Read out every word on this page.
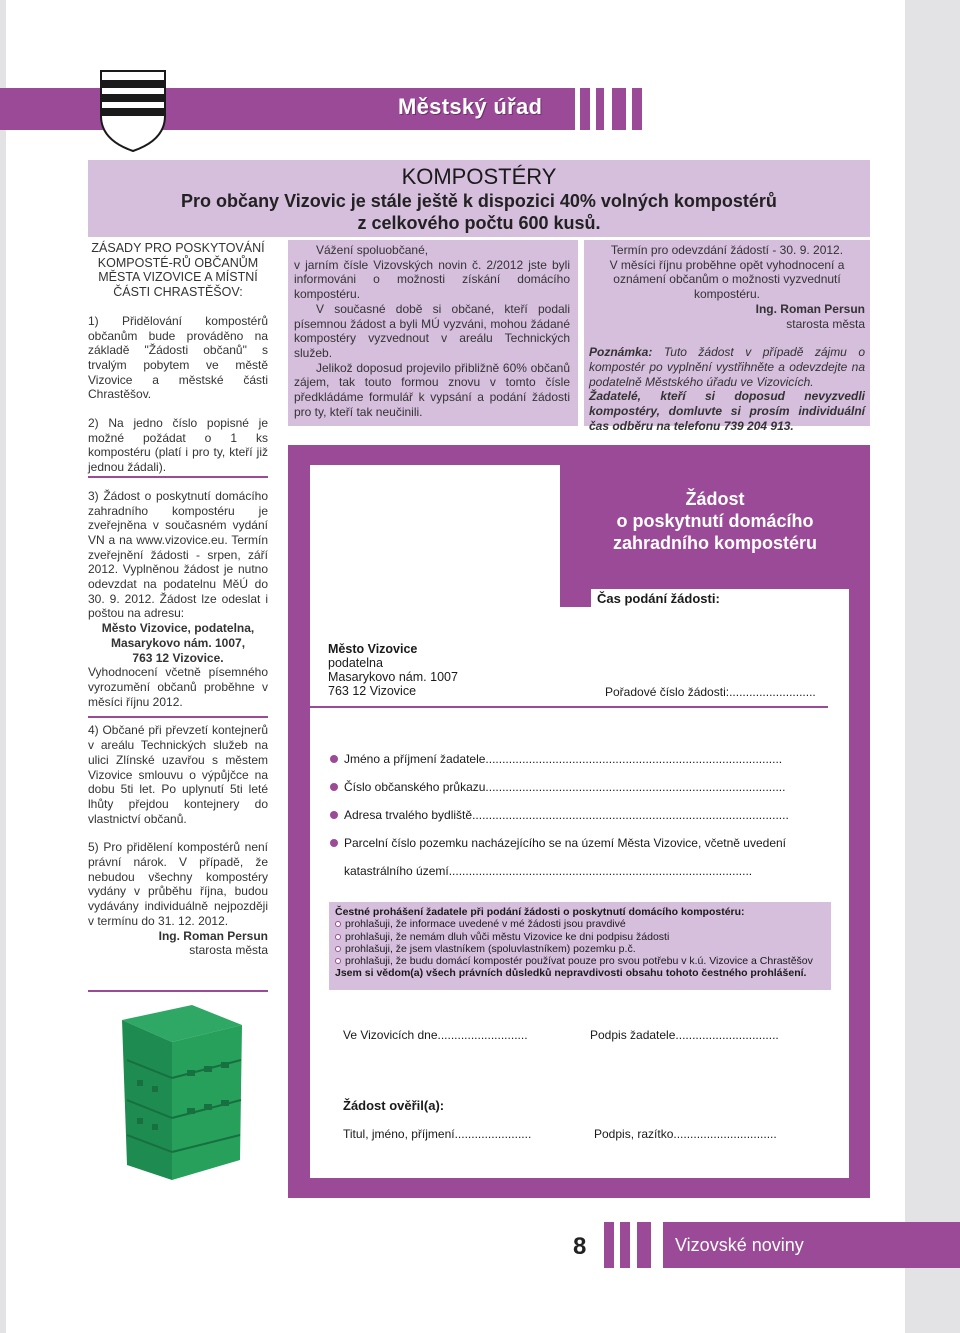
Městský úřad
KOMPOSTÉRY
Pro občany Vizovic je stále ještě k dispozici 40% volných kompostérů
z celkového počtu 600 kusů.

ZÁSADY PRO POSKYTOVÁNÍ KOMPOSTÉ-RŮ OBČANŮM MĚSTA VIZOVICE A MÍSTNÍ ČÁSTI CHRASTĚŠOV:

1) Přidělování kompostérů občanům bude prováděno na základě "Žádosti občanů" s trvalým pobytem ve městě Vizovice a městské části Chrastěšov.

2) Na jedno číslo popisné je možné požádat o 1 ks kompostéru (platí i pro ty, kteří již jednou žádali).

3) Žádost o poskytnutí domácího zahradního kompostéru je zveřejněna v současném vydání VN a na www.vizovice.eu. Termín zveřejnění žádosti - srpen, září 2012. Vyplněnou žádost je nutno odevzdat na podatelnu MěÚ do 30. 9. 2012. Žádost lze odeslat i poštou na adresu:

Město Vizovice, podatelna,

Masarykovo nám. 1007,

763 12 Vizovice.

Vyhodnocení včetně písemného vyrozumění občanů proběhne v měsíci říjnu 2012.

4) Občané při převzetí kontejnerů v areálu Technických služeb na ulici Zlínské uzavřou s městem Vizovice smlouvu o výpůjčce na dobu 5ti let. Po uplynutí 5ti leté lhůty přejdou kontejnery do vlastnictví občanů.

5) Pro přidělení kompostérů není právní nárok. V případě, že nebudou všechny kompostéry vydány v průběhu října, budou vydávány individuálně nejpozději v termínu do 31. 12. 2012.

Ing. Roman Persun

starosta města

Vážení spoluobčané,

v jarním čísle Vizovských novin č. 2/2012 jste byli informováni o možnosti získání domácího kompostéru.

V současné době si občané, kteří podali písemnou žádost a byli MÚ vyzváni, mohou žádané kompostéry vyzvednout v areálu Technických služeb.

Jelikož doposud projevilo přibližně 60% občanů zájem, tak touto formou znovu v tomto čísle předkládáme formulář k vypsání a podání žádosti pro ty, kteří tak neučinili.

Termín pro odevzdání žádostí - 30. 9. 2012.

V měsíci říjnu proběhne opět vyhodnocení a oznámení občanům o možnosti vyzvednutí kompostéru.

Ing. Roman Persun

starosta města

Poznámka: Tuto žádost v případě zájmu o kompostér po vyplnění vystřihněte a odevzdejte na podatelně Městského úřadu ve Vizovicích.

Žadatelé, kteří si doposud nevyzvedli kompostéry, domluvte si prosím individuální čas odběru na telefonu 739 204 913.

Žádost
o poskytnutí domácího
zahradního kompostéru
Čas podání žádosti:
Město Vizovice
podatelna
Masarykovo nám. 1007
763 12 Vizovice	Pořadové číslo žádosti:..........................
Jméno a příjmení žadatele.........................................................................................
Číslo občanského průkazu..........................................................................................
Adresa trvalého bydliště...............................................................................................
Parcelní číslo pozemku nacházejícího se na území Města Vizovice, včetně uvedení
katastrálního území...........................................................................................
Čestné prohášení žadatele při podání žádosti o poskytnutí domácího kompostéru:
prohlašuji, že informace uvedené v mé žádosti jsou pravdivé
prohlašuji, že nemám dluh vůči městu Vizovice ke dni podpisu žádosti
prohlašuji, že jsem vlastníkem (spoluvlastníkem) pozemku p.č.
prohlašuji, že budu domácí kompostér používat pouze pro svou potřebu v k.ú. Vizovice a Chrastěšov
Jsem si vědom(a) všech právních důsledků nepravdivosti obsahu tohoto čestného prohlášení.
Ve Vizovicích dne...........................	Podpis žadatele...............................
Žádost ověřil(a):
Titul, jméno, příjmení.......................	Podpis, razítko...............................
8	Vizovské noviny
